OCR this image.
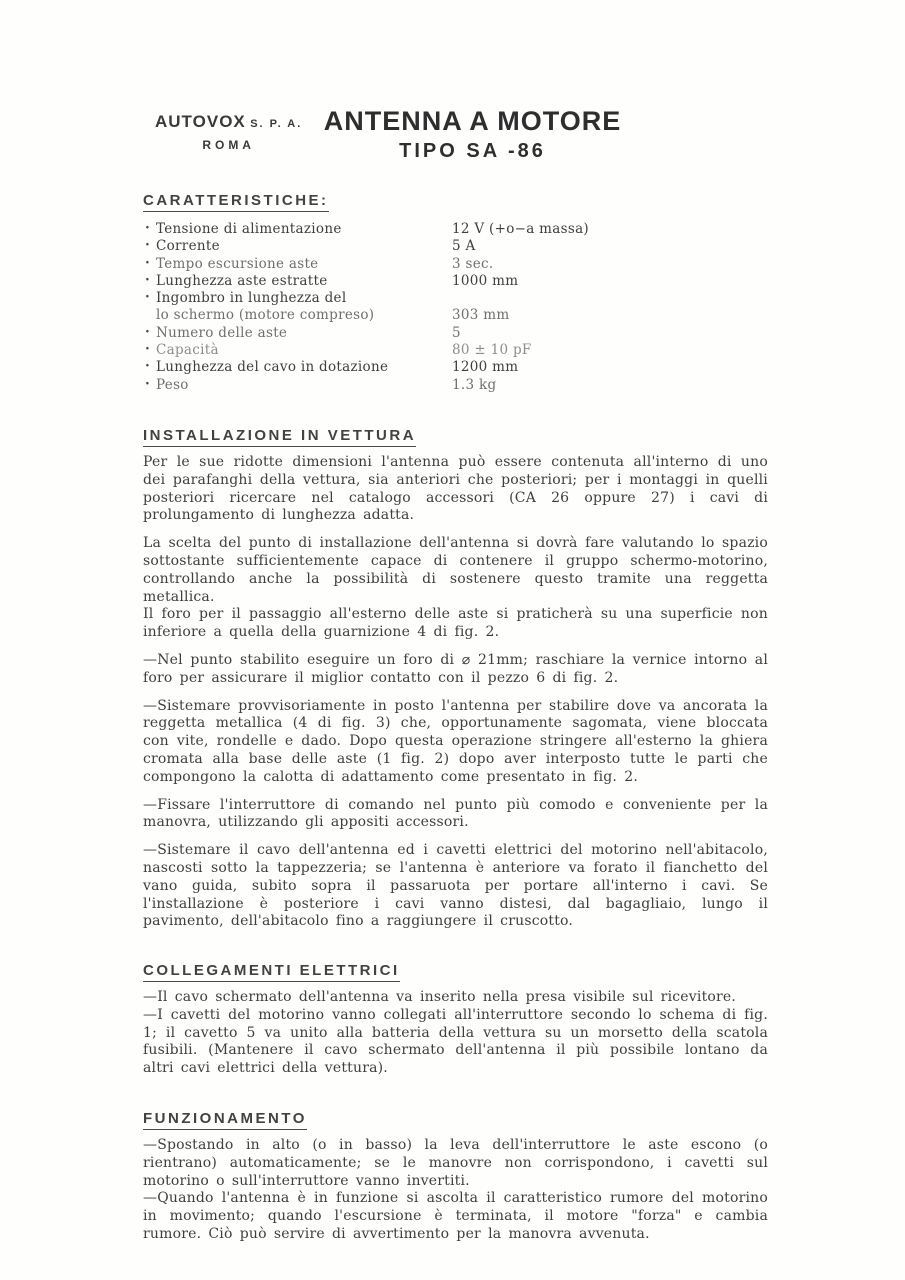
AUTOVOX S. P. A.
ROMA
ANTENNA A MOTORE
TIPO SA -86
CARATTERISTICHE:
· Tensione di alimentazione	12 V (+o−a massa)
· Corrente	5 A
· Tempo escursione aste	3 sec.
· Lunghezza aste estratte	1000 mm
· Ingombro in lunghezza del
lo schermo (motore compreso)	303 mm
· Numero delle aste	5
· Capacità	80 ± 10 pF
· Lunghezza del cavo in dotazione	1200 mm
· Peso	1.3 kg
INSTALLAZIONE IN VETTURA

Per le sue ridotte dimensioni l'antenna può essere contenuta all'interno di uno dei parafanghi della vettura, sia anteriori che posteriori; per i montaggi in quelli posteriori ricercare nel catalogo accessori (CA 26 oppure 27) i cavi di prolungamento di lunghezza adatta.

La scelta del punto di installazione dell'antenna si dovrà fare valutando lo spazio sottostante sufficientemente capace di contenere il gruppo schermo-motorino, controllando anche la possibilità di sostenere questo tramite una reggetta metallica.

Il foro per il passaggio all'esterno delle aste si praticherà su una superficie non inferiore a quella della guarnizione 4 di fig. 2.

—Nel punto stabilito eseguire un foro di ⌀ 21mm; raschiare la vernice intorno al foro per assicurare il miglior contatto con il pezzo 6 di fig. 2.

—Sistemare provvisoriamente in posto l'antenna per stabilire dove va ancorata la reggetta metallica (4 di fig. 3) che, opportunamente sagomata, viene bloccata con vite, rondelle e dado. Dopo questa operazione stringere all'esterno la ghiera cromata alla base delle aste (1 fig. 2) dopo aver interposto tutte le parti che compongono la calotta di adattamento come presentato in fig. 2.

—Fissare l'interruttore di comando nel punto più comodo e conveniente per la manovra, utilizzando gli appositi accessori.

—Sistemare il cavo dell'antenna ed i cavetti elettrici del motorino nell'abitacolo, nascosti sotto la tappezzeria; se l'antenna è anteriore va forato il fianchetto del vano guida, subito sopra il passaruota per portare all'interno i cavi. Se l'installazione è posteriore i cavi vanno distesi, dal bagagliaio, lungo il pavimento, dell'abitacolo fino a raggiungere il cruscotto.

COLLEGAMENTI ELETTRICI

—Il cavo schermato dell'antenna va inserito nella presa visibile sul ricevitore.

—I cavetti del motorino vanno collegati all'interruttore secondo lo schema di fig. 1; il cavetto 5 va unito alla batteria della vettura su un morsetto della scatola fusibili. (Mantenere il cavo schermato dell'antenna il più possibile lontano da altri cavi elettrici della vettura).

FUNZIONAMENTO

—Spostando in alto (o in basso) la leva dell'interruttore le aste escono (o rientrano) automaticamente; se le manovre non corrispondono, i cavetti sul motorino o sull'interruttore vanno invertiti.

—Quando l'antenna è in funzione si ascolta il caratteristico rumore del motorino in movimento; quando l'escursione è terminata, il motore "forza" e cambia rumore. Ciò può servire di avvertimento per la manovra avvenuta.
